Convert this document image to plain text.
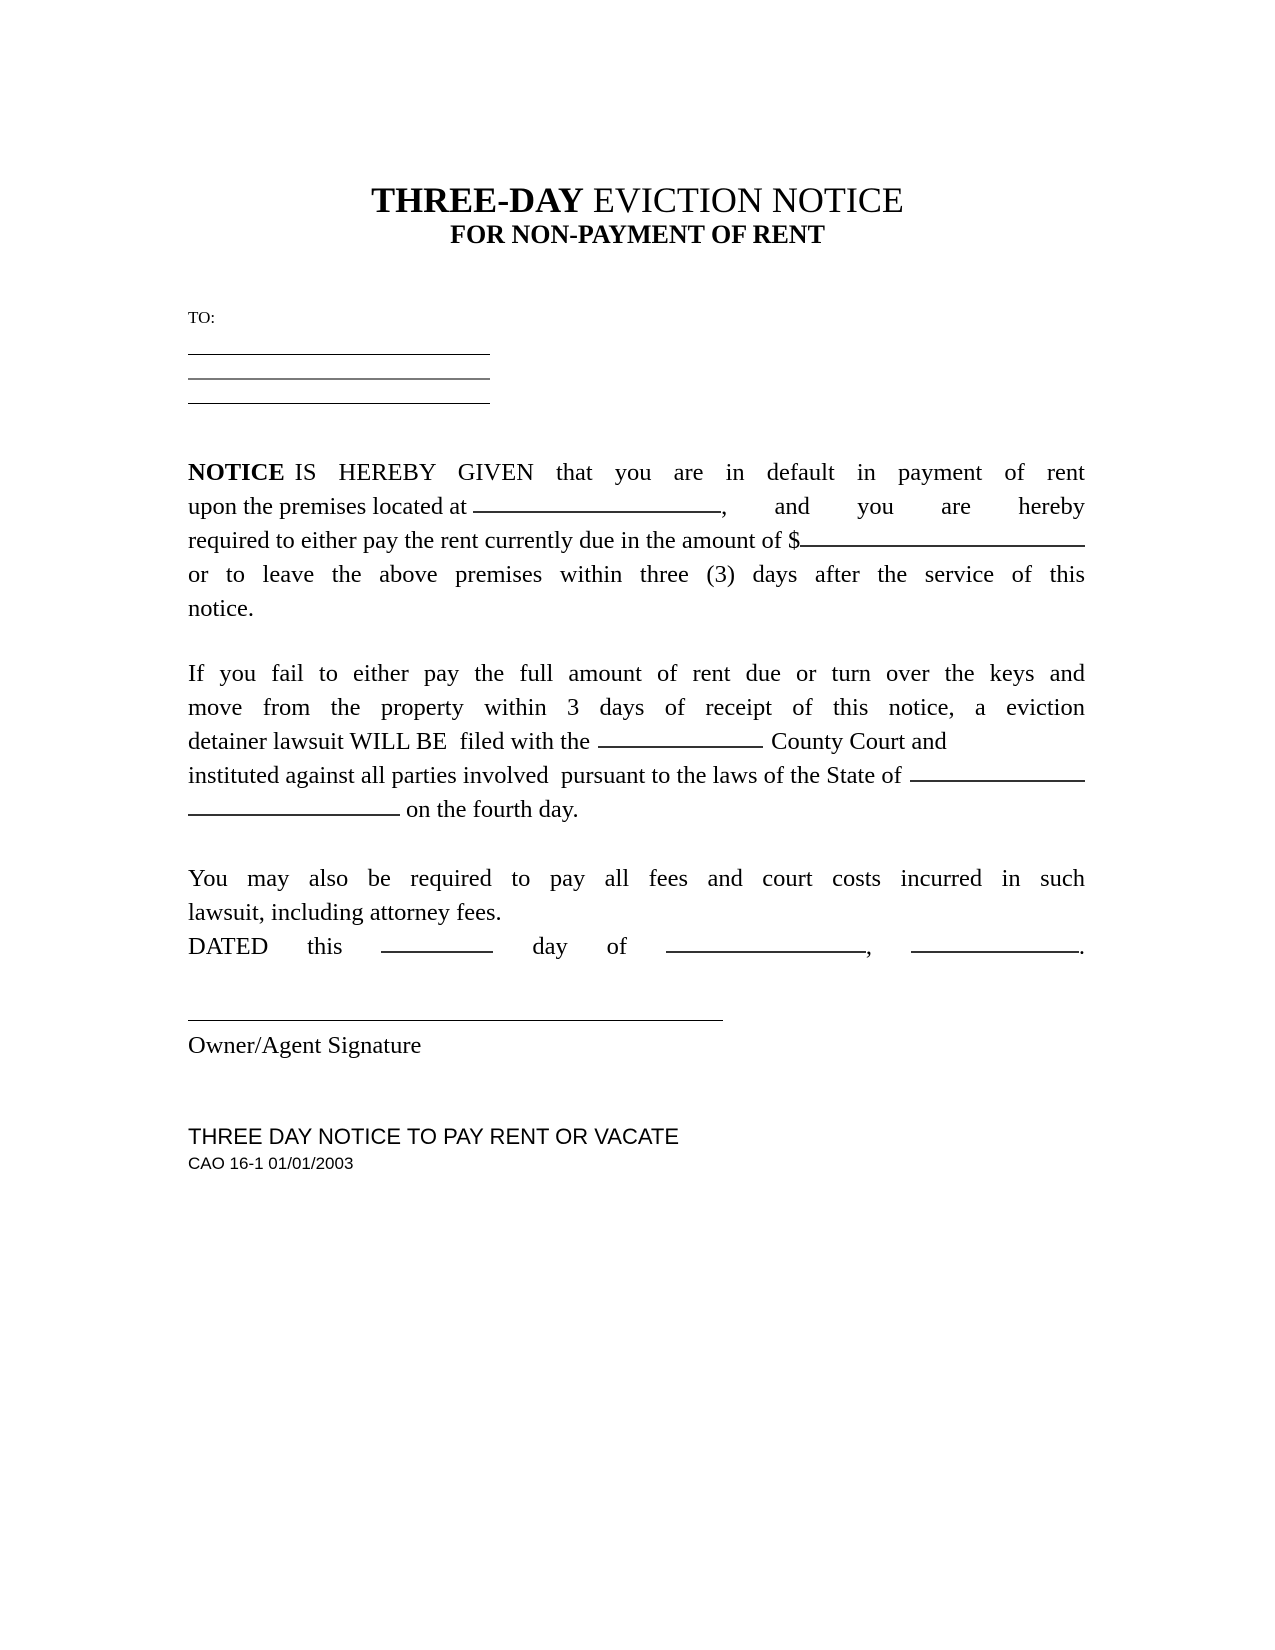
THREE-DAY EVICTION NOTICE
FOR NON-PAYMENT OF RENT
TO:
NOTICE IS HEREBY GIVEN that you are in default in payment of rent
upon the premises located at	, and you are hereby
required to either pay the rent currently due in the amount of $
or to leave the above premises within three (3) days after the service of this
notice.
If you fail to either pay the full amount of rent due or turn over the keys and
move from the property within 3 days of receipt of this notice, a eviction
detainer lawsuit WILL BE  filed with the	County Court and
instituted against all parties involved  pursuant to the laws of the State of
on the fourth day.
You may also be required to pay all fees and court costs incurred in such
lawsuit, including attorney fees.
DATED this	day of	,	.
Owner/Agent Signature
THREE DAY NOTICE TO PAY RENT OR VACATE
CAO 16-1 01/01/2003
